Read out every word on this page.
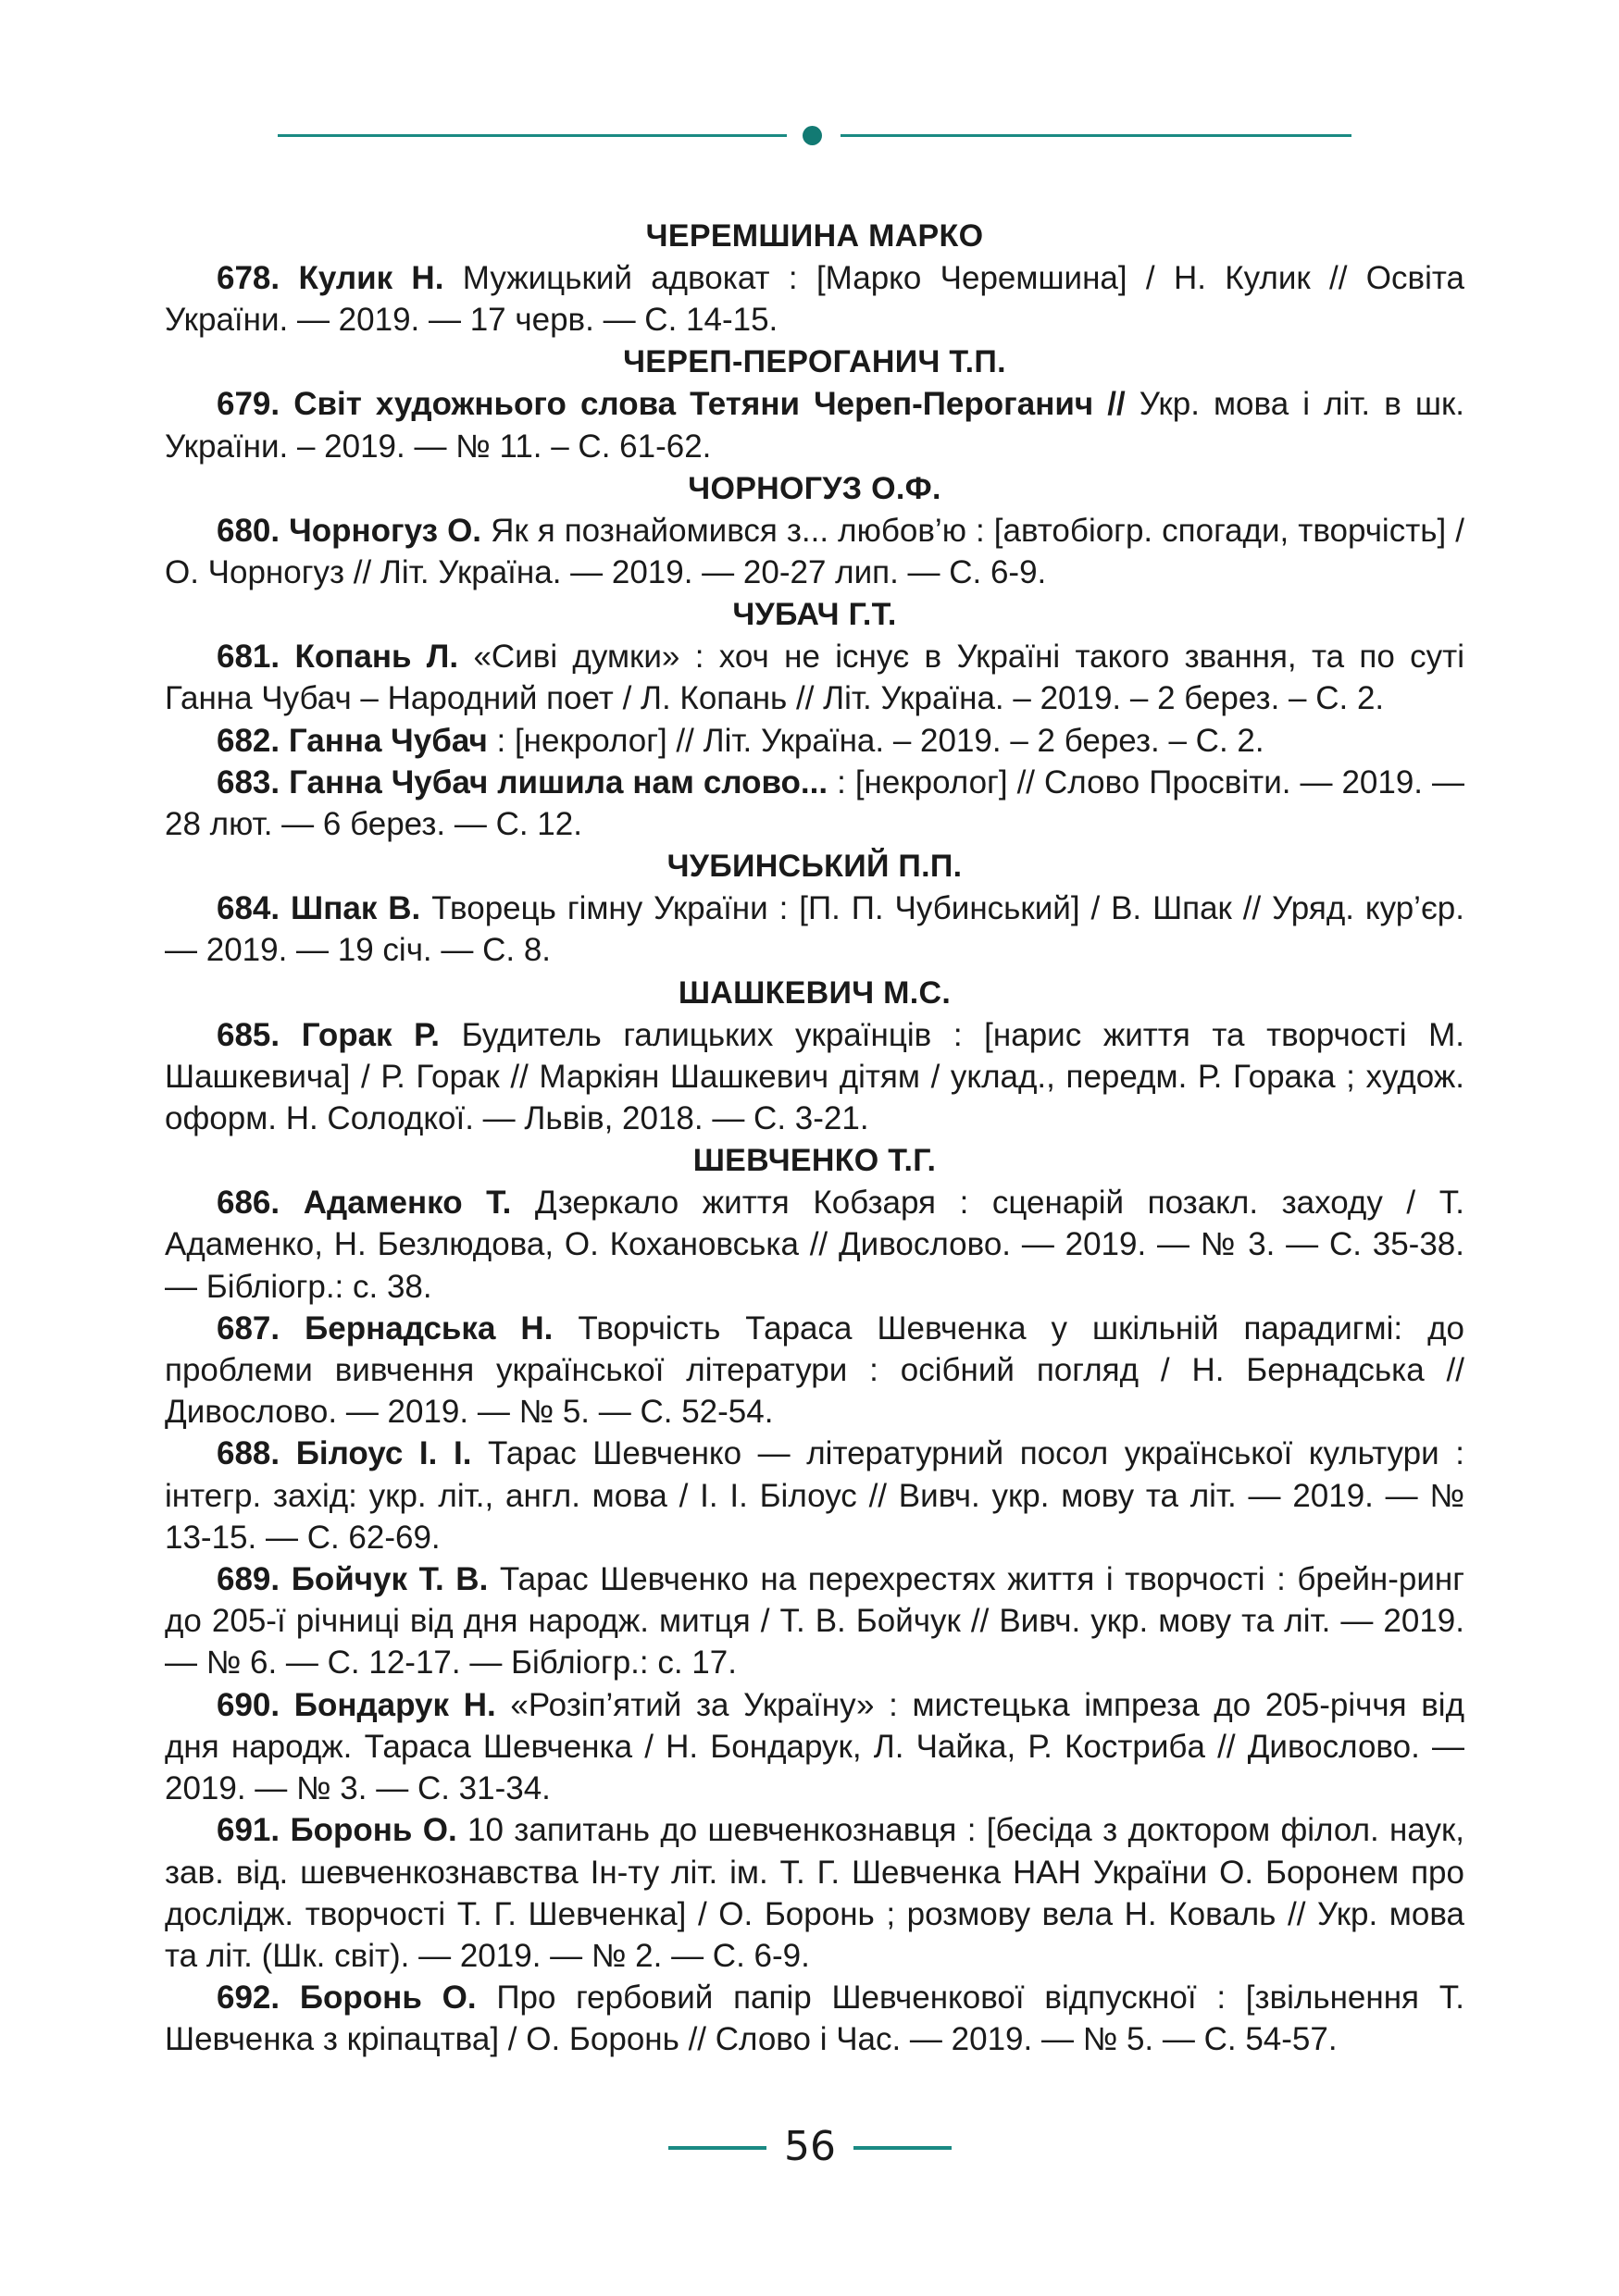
ЧЕРЕМШИНА МАРКО
678. Кулик Н. Мужицький адвокат : [Марко Черемшина] / Н. Кулик // Освіта України. — 2019. — 17 черв. — С. 14-15.
ЧЕРЕП-ПЕРОГАНИЧ Т.П.
679. Світ художнього слова Тетяни Череп-Пероганич // Укр. мова і літ. в шк. України. – 2019. — № 11. – С. 61-62.
ЧОРНОГУЗ О.Ф.
680. Чорногуз О. Як я познайомився з... любов’ю : [автобіогр. спогади, творчість] / О. Чорногуз // Літ. Україна. — 2019. — 20-27 лип. — С. 6-9.
ЧУБАЧ Г.Т.
681. Копань Л. «Сиві думки» : хоч не існує в Україні такого звання, та по суті Ганна Чубач – Народний поет / Л. Копань // Літ. Україна. – 2019. – 2 берез. – С. 2.
682. Ганна Чубач : [некролог] // Літ. Україна. – 2019. – 2 берез. – С. 2.
683. Ганна Чубач лишила нам слово... : [некролог] // Слово Просвіти. — 2019. — 28 лют. — 6 берез. — С. 12.
ЧУБИНСЬКИЙ П.П.
684. Шпак В. Творець гімну України : [П. П. Чубинський] / В. Шпак // Уряд. кур’єр. — 2019. — 19 січ. — С. 8.
ШАШКЕВИЧ М.С.
685. Горак Р. Будитель галицьких українців : [нарис життя та творчості М. Шашкевича] / Р. Горак // Маркіян Шашкевич дітям / уклад., передм. Р. Горака ; худож. оформ. Н. Солодкої. — Львів, 2018. — С. 3-21.
ШЕВЧЕНКО Т.Г.
686. Адаменко Т. Дзеркало життя Кобзаря : сценарій позакл. заходу / Т. Адаменко, Н. Безлюдова, О. Кохановська // Дивослово. — 2019. — № 3. — С. 35-38. — Бібліогр.: с. 38.
687. Бернадська Н. Творчість Тараса Шевченка у шкільній парадигмі: до проблеми вивчення української літератури : осібний погляд / Н. Бернадська // Дивослово. — 2019. — № 5. — С. 52-54.
688. Білоус І. І. Тарас Шевченко — літературний посол української культури : інтегр. захід: укр. літ., англ. мова / І. І. Білоус // Вивч. укр. мову та літ. — 2019. — № 13-15. — С. 62-69.
689. Бойчук Т. В. Тарас Шевченко на перехрестях життя і творчості : брейн-ринг до 205-ї річниці від дня народж. митця / Т. В. Бойчук // Вивч. укр. мову та літ. — 2019. — № 6. — С. 12-17. — Бібліогр.: с. 17.
690. Бондарук Н. «Розіп’ятий за Україну» : мистецька імпреза до 205-річчя від дня народж. Тараса Шевченка / Н. Бондарук, Л. Чайка, Р. Кострибa // Дивослово. — 2019. — № 3. — С. 31-34.
691. Боронь О. 10 запитань до шевченкознавця : [бесіда з доктором філол. наук, зав. від. шевченкознавства Ін-ту літ. ім. Т. Г. Шевченка НАН України О. Боронем про дослідж. творчості Т. Г. Шевченка] / О. Боронь ; розмову вела Н. Коваль // Укр. мова та літ. (Шк. світ). — 2019. — № 2. — С. 6-9.
692. Боронь О. Про гербовий папір Шевченкової відпускної : [звільнення Т. Шевченка з кріпацтва] / О. Боронь // Слово і Час. — 2019. — № 5. — С. 54-57.
56
